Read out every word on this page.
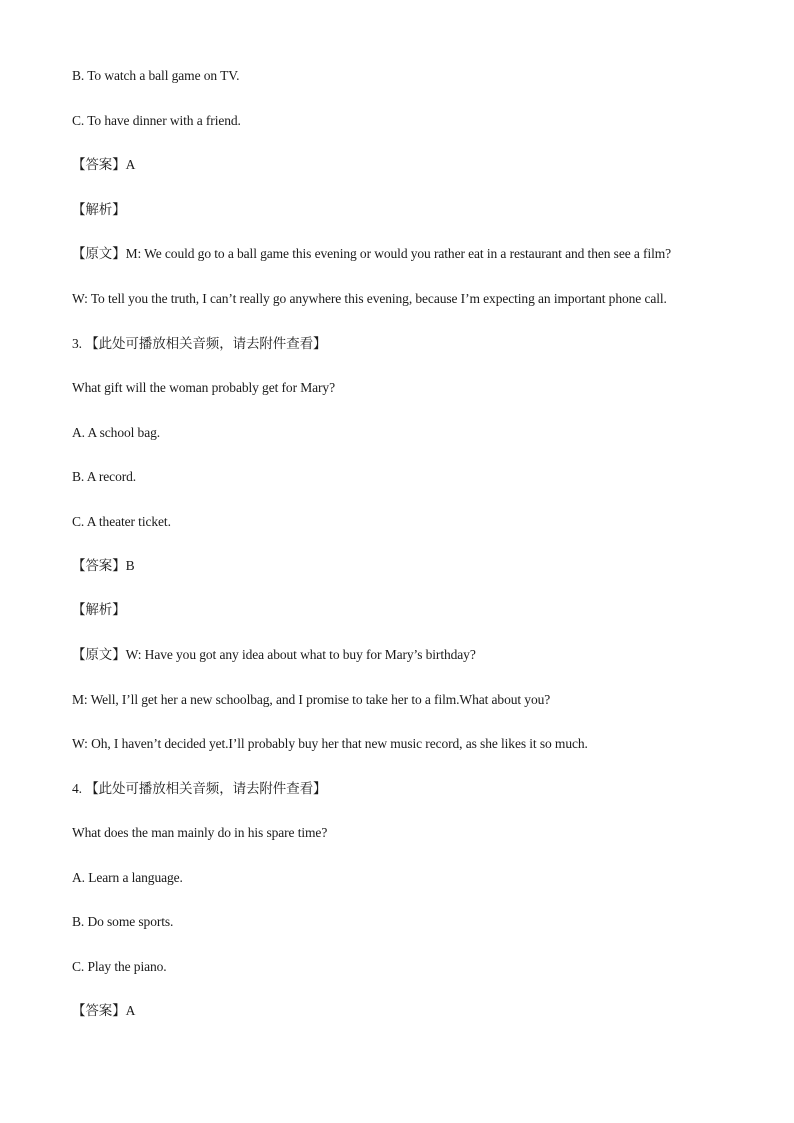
B. To watch a ball game on TV.
C. To have dinner with a friend.
【答案】A
【解析】
【原文】M: We could go to a ball game this evening or would you rather eat in a restaurant and then see a film?
W: To tell you the truth, I can’t really go anywhere this evening, because I’m expecting an important phone call.
3. 【此处可播放相关音频，请去附件查看】
What gift will the woman probably get for Mary?
A. A school bag.
B. A record.
C. A theater ticket.
【答案】B
【解析】
【原文】W: Have you got any idea about what to buy for Mary’s birthday?
M: Well, I’ll get her a new schoolbag, and I promise to take her to a film.What about you?
W: Oh, I haven’t decided yet.I’ll probably buy her that new music record, as she likes it so much.
4. 【此处可播放相关音频，请去附件查看】
What does the man mainly do in his spare time?
A. Learn a language.
B. Do some sports.
C. Play the piano.
【答案】A
